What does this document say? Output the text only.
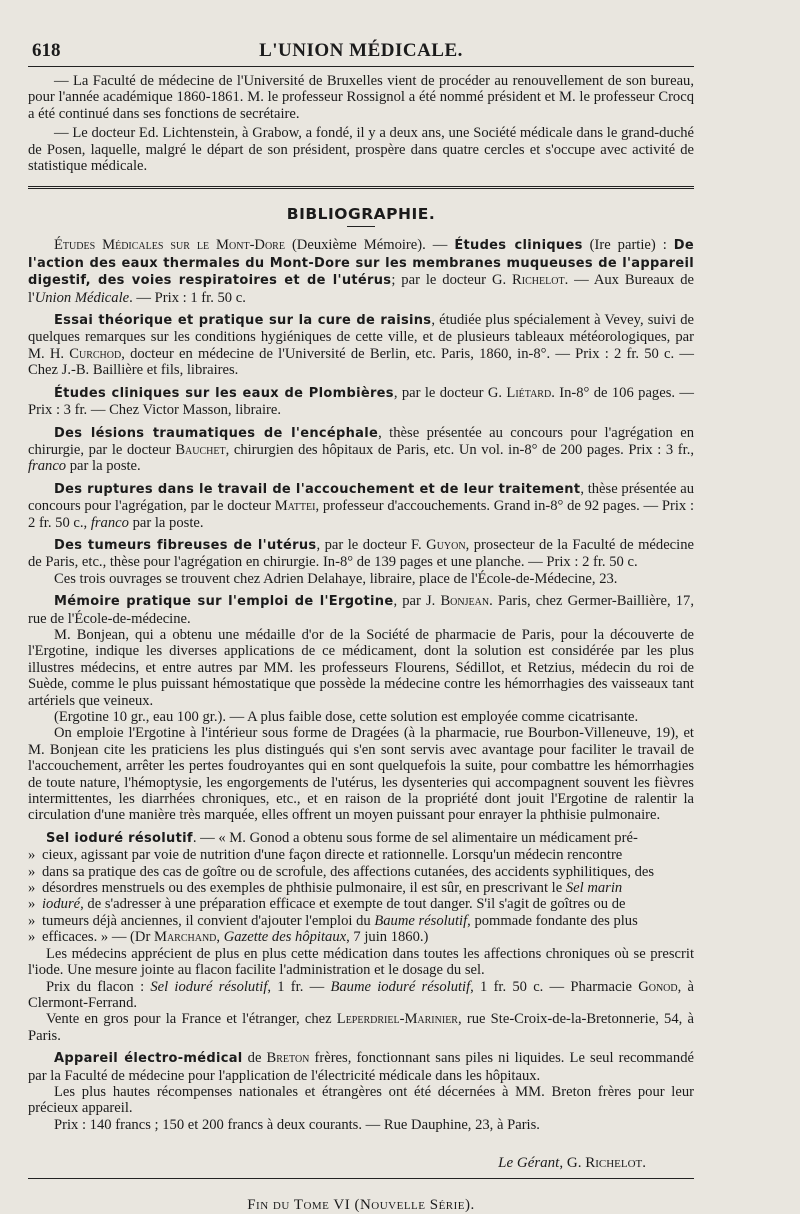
618	L'UNION MÉDICALE.

— La Faculté de médecine de l'Université de Bruxelles vient de procéder au renouvellement de son bureau, pour l'année académique 1860-1861. M. le professeur Rossignol a été nommé président et M. le professeur Crocq a été continué dans ses fonctions de secrétaire.

— Le docteur Ed. Lichtenstein, à Grabow, a fondé, il y a deux ans, une Société médicale dans le grand-duché de Posen, laquelle, malgré le départ de son président, prospère dans quatre cercles et s'occupe avec activité de statistique médicale.

BIBLIOGRAPHIE.

Études Médicales sur le Mont-Dore (Deuxième Mémoire). — Études cliniques (Ire partie) : De l'action des eaux thermales du Mont-Dore sur les membranes muqueuses de l'appareil digestif, des voies respiratoires et de l'utérus; par le docteur G. Richelot. — Aux Bureaux de l'Union Médicale. — Prix : 1 fr. 50 c.

Essai théorique et pratique sur la cure de raisins, étudiée plus spécialement à Vevey, suivi de quelques remarques sur les conditions hygiéniques de cette ville, et de plusieurs tableaux météorologiques, par M. H. Curchod, docteur en médecine de l'Université de Berlin, etc. Paris, 1860, in-8°. — Prix : 2 fr. 50 c. — Chez J.-B. Baillière et fils, libraires.

Études cliniques sur les eaux de Plombières, par le docteur G. Liétard. In-8° de 106 pages. — Prix : 3 fr. — Chez Victor Masson, libraire.

Des lésions traumatiques de l'encéphale, thèse présentée au concours pour l'agrégation en chirurgie, par le docteur Bauchet, chirurgien des hôpitaux de Paris, etc. Un vol. in-8° de 200 pages. Prix : 3 fr., franco par la poste.

Des ruptures dans le travail de l'accouchement et de leur traitement, thèse présentée au concours pour l'agrégation, par le docteur Mattei, professeur d'accouchements. Grand in-8° de 92 pages. — Prix : 2 fr. 50 c., franco par la poste.

Des tumeurs fibreuses de l'utérus, par le docteur F. Guyon, prosecteur de la Faculté de médecine de Paris, etc., thèse pour l'agrégation en chirurgie. In-8° de 139 pages et une planche. — Prix : 2 fr. 50 c.

Ces trois ouvrages se trouvent chez Adrien Delahaye, libraire, place de l'École-de-Médecine, 23.

Mémoire pratique sur l'emploi de l'Ergotine, par J. Bonjean. Paris, chez Germer-Baillière, 17, rue de l'École-de-médecine.

M. Bonjean, qui a obtenu une médaille d'or de la Société de pharmacie de Paris, pour la découverte de l'Ergotine, indique les diverses applications de ce médicament, dont la solution est considérée par les plus illustres médecins, et entre autres par MM. les professeurs Flourens, Sédillot, et Retzius, médecin du roi de Suède, comme le plus puissant hémostatique que possède la médecine contre les hémorrhagies des vaisseaux tant artériels que veineux.

(Ergotine 10 gr., eau 100 gr.). — A plus faible dose, cette solution est employée comme cicatrisante.

On emploie l'Ergotine à l'intérieur sous forme de Dragées (à la pharmacie, rue Bourbon-Villeneuve, 19), et M. Bonjean cite les praticiens les plus distingués qui s'en sont servis avec avantage pour faciliter le travail de l'accouchement, arrêter les pertes foudroyantes qui en sont quelquefois la suite, pour combattre les hémorrhagies de toute nature, l'hémoptysie, les engorgements de l'utérus, les dysenteries qui accompagnent souvent les fièvres intermittentes, les diarrhées chroniques, etc., et en raison de la propriété dont jouit l'Ergotine de ralentir la circulation d'une manière très marquée, elles offrent un moyen puissant pour enrayer la phthisie pulmonaire.

Sel ioduré résolutif. — « M. Gonod a obtenu sous forme de sel alimentaire un médicament pré-

» cieux, agissant par voie de nutrition d'une façon directe et rationnelle. Lorsqu'un médecin rencontre

» dans sa pratique des cas de goître ou de scrofule, des affections cutanées, des accidents syphilitiques, des

» désordres menstruels ou des exemples de phthisie pulmonaire, il est sûr, en prescrivant le Sel marin

» ioduré, de s'adresser à une préparation efficace et exempte de tout danger. S'il s'agit de goîtres ou de

» tumeurs déjà anciennes, il convient d'ajouter l'emploi du Baume résolutif, pommade fondante des plus

» efficaces. » — (Dr Marchand, Gazette des hôpitaux, 7 juin 1860.)

Les médecins apprécient de plus en plus cette médication dans toutes les affections chroniques où se prescrit l'iode. Une mesure jointe au flacon facilite l'administration et le dosage du sel.

Prix du flacon : Sel ioduré résolutif, 1 fr. — Baume ioduré résolutif, 1 fr. 50 c. — Pharmacie Gonod, à Clermont-Ferrand.

Vente en gros pour la France et l'étranger, chez Leperdriel-Marinier, rue Ste-Croix-de-la-Bretonnerie, 54, à Paris.

Appareil électro-médical de Breton frères, fonctionnant sans piles ni liquides. Le seul recommandé par la Faculté de médecine pour l'application de l'électricité médicale dans les hôpitaux.

Les plus hautes récompenses nationales et étrangères ont été décernées à MM. Breton frères pour leur précieux appareil.

Prix : 140 francs ; 150 et 200 francs à deux courants. — Rue Dauphine, 23, à Paris.

Le Gérant, G. Richelot.
Fin du Tome VI (Nouvelle Série).
